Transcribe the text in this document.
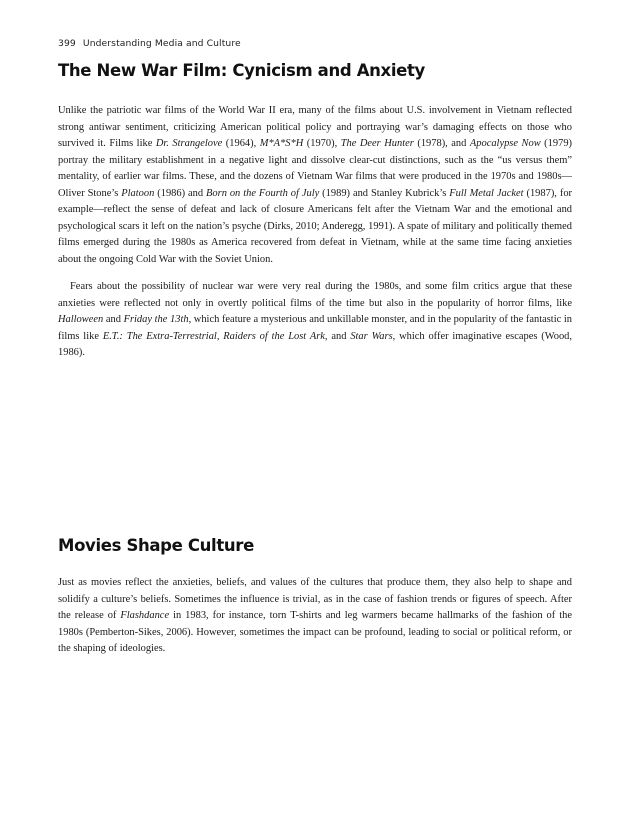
399 Understanding Media and Culture
The New War Film: Cynicism and Anxiety

Unlike the patriotic war films of the World War II era, many of the films about U.S. involvement in Vietnam reflected strong antiwar sentiment, criticizing American political policy and portraying war’s damaging effects on those who survived it. Films like Dr. Strangelove (1964), M*A*S*H (1970), The Deer Hunter (1978), and Apocalypse Now (1979) portray the military establishment in a negative light and dissolve clear-cut distinctions, such as the “us versus them” mentality, of earlier war films. These, and the dozens of Vietnam War films that were produced in the 1970s and 1980s—Oliver Stone’s Platoon (1986) and Born on the Fourth of July (1989) and Stanley Kubrick’s Full Metal Jacket (1987), for example—reflect the sense of defeat and lack of closure Americans felt after the Vietnam War and the emotional and psychological scars it left on the nation’s psyche (Dirks, 2010; Anderegg, 1991). A spate of military and politically themed films emerged during the 1980s as America recovered from defeat in Vietnam, while at the same time facing anxieties about the ongoing Cold War with the Soviet Union.

Fears about the possibility of nuclear war were very real during the 1980s, and some film critics argue that these anxieties were reflected not only in overtly political films of the time but also in the popularity of horror films, like Halloween and Friday the 13th, which feature a mysterious and unkillable monster, and in the popularity of the fantastic in films like E.T.: The Extra-Terrestrial, Raiders of the Lost Ark, and Star Wars, which offer imaginative escapes (Wood, 1986).

Movies Shape Culture

Just as movies reflect the anxieties, beliefs, and values of the cultures that produce them, they also help to shape and solidify a culture’s beliefs. Sometimes the influence is trivial, as in the case of fashion trends or figures of speech. After the release of Flashdance in 1983, for instance, torn T-shirts and leg warmers became hallmarks of the fashion of the 1980s (Pemberton-Sikes, 2006). However, sometimes the impact can be profound, leading to social or political reform, or the shaping of ideologies.
